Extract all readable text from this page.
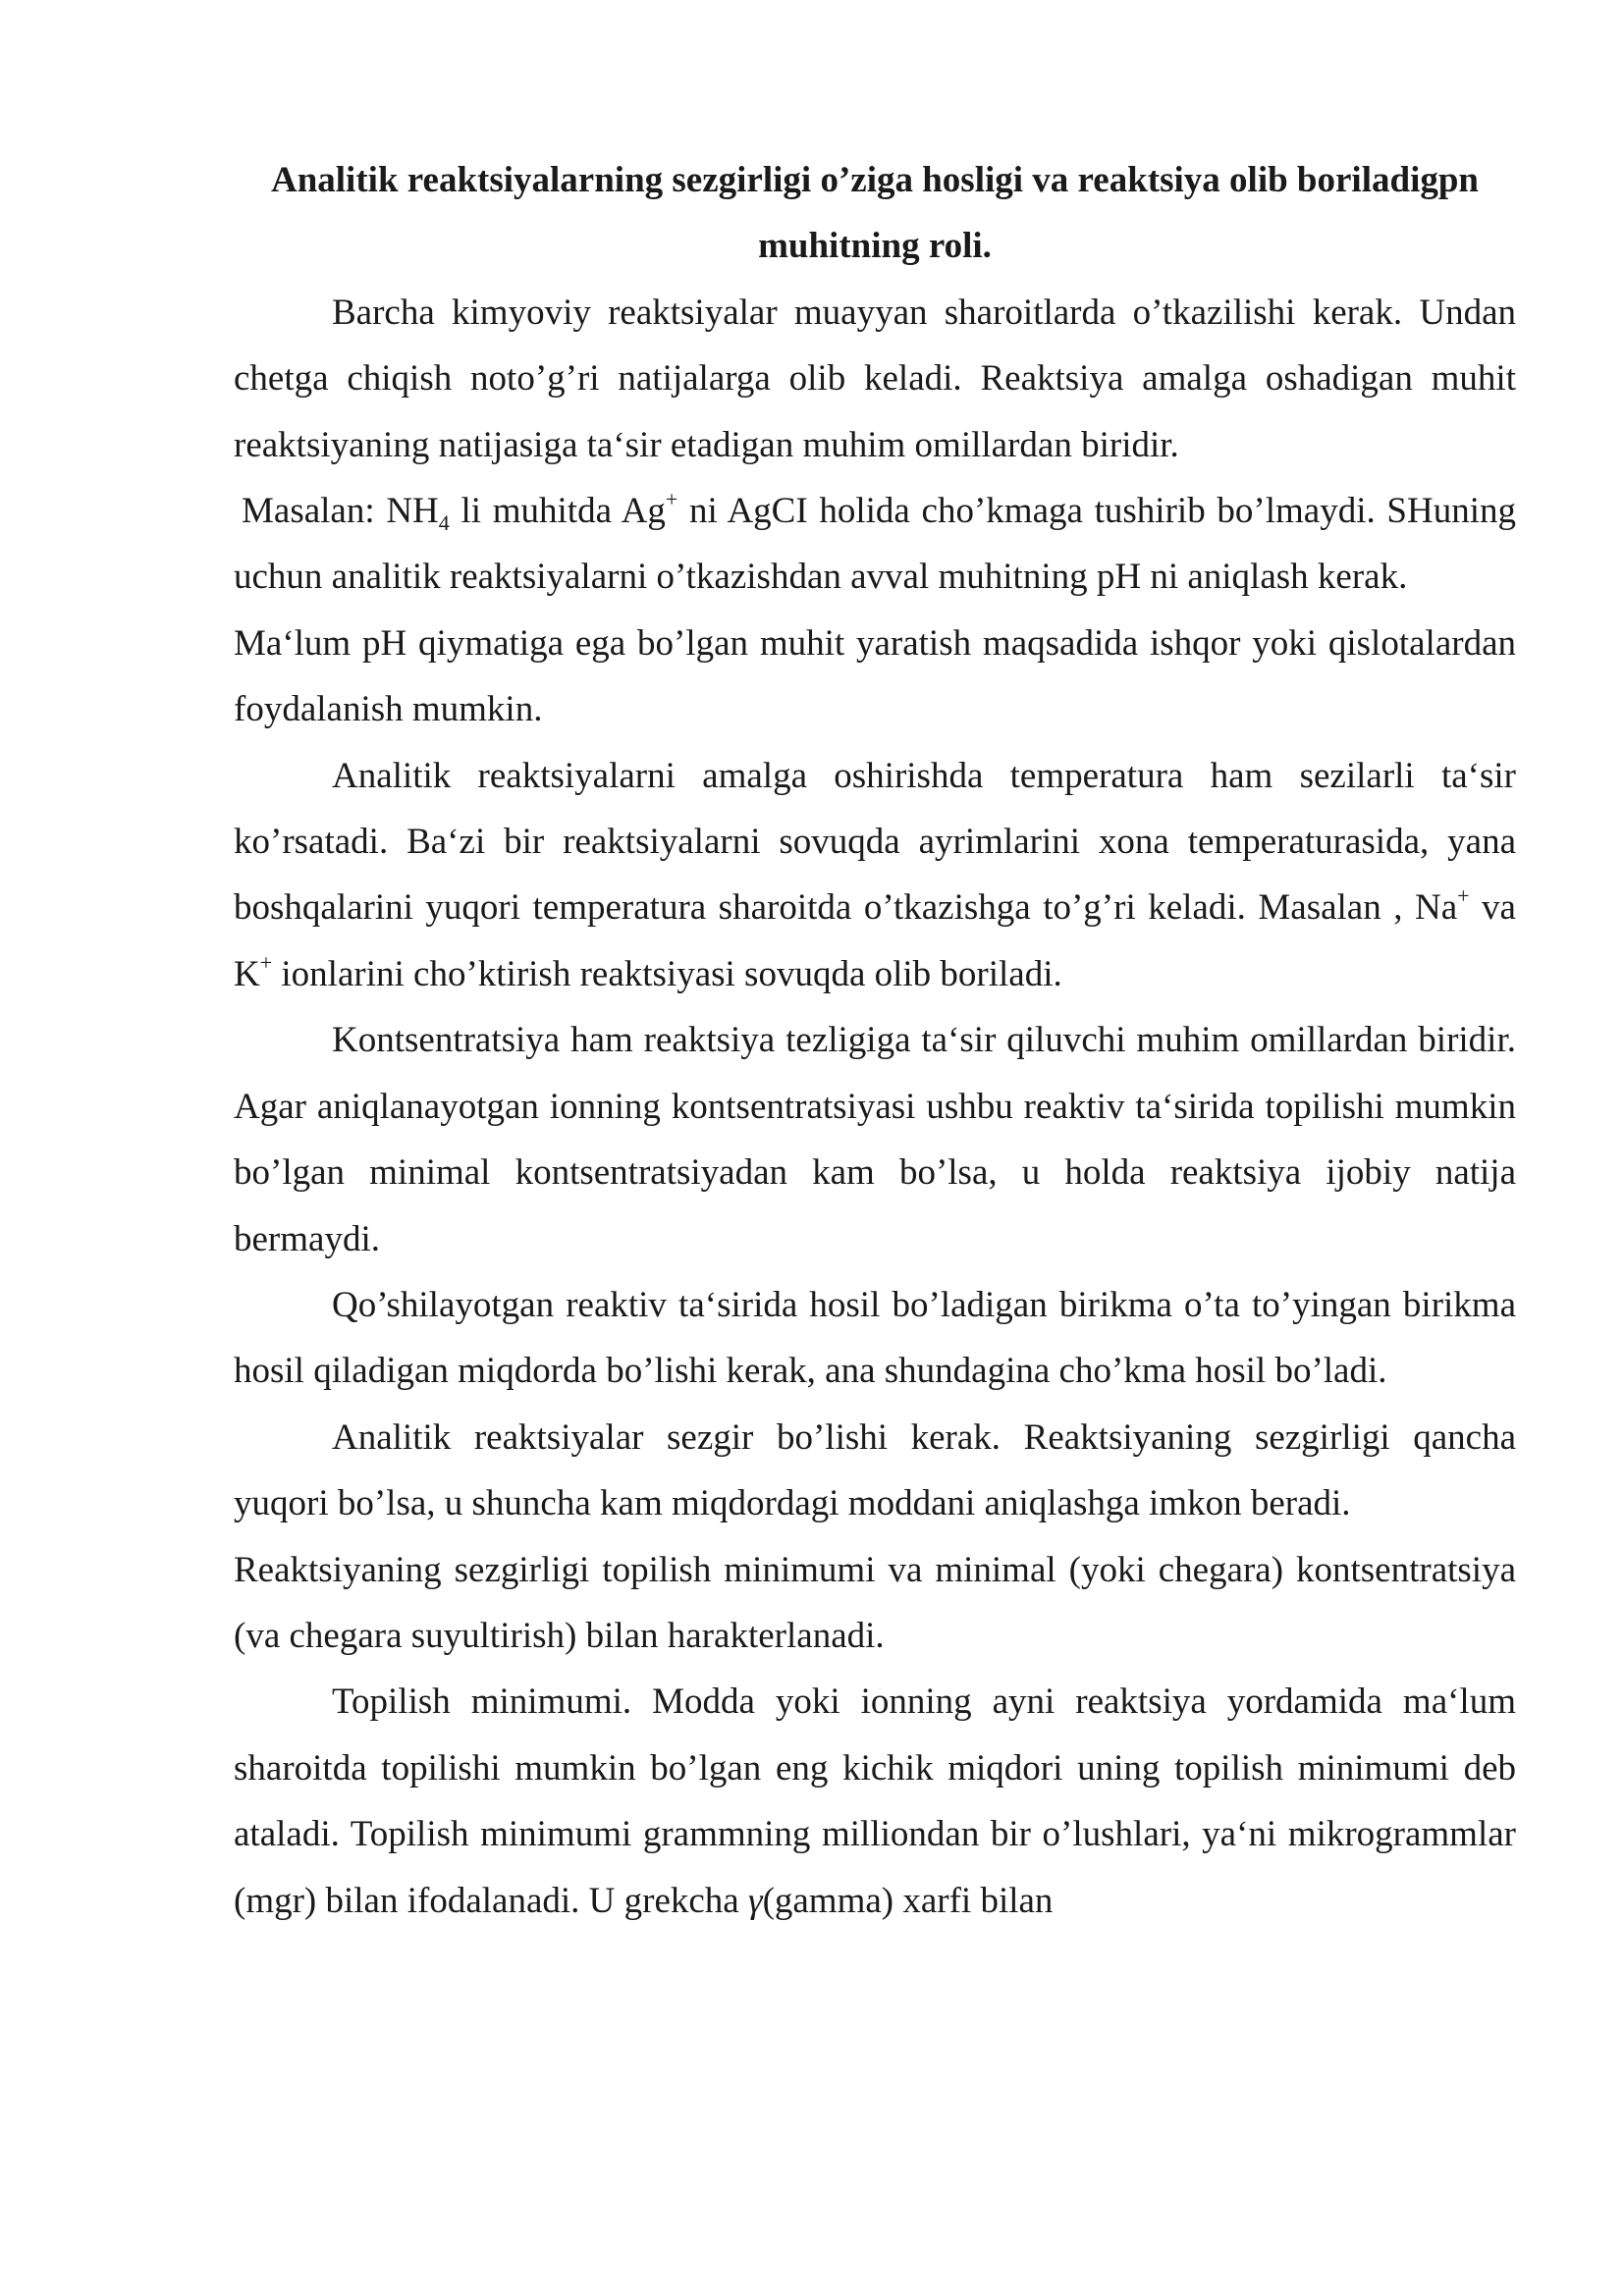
Analitik reaktsiyalarning sezgirligi o’ziga hosligi va reaktsiya olib boriladigpn muhitning roli.

Barcha kimyoviy reaktsiyalar muayyan sharoitlarda o’tkazilishi kerak. Undan chetga chiqish noto’g’ri natijalarga olib keladi. Reaktsiya amalga oshadigan muhit reaktsiyaning natijasiga ta‘sir etadigan muhim omillardan biridir.

Masalan: $NH_4$ li muhitda Ag+ ni AgCI holida cho’kmaga tushirib bo’lmaydi. SHuning uchun analitik reaktsiyalarni o’tkazishdan avval muhitning pH ni aniqlash kerak.

Ma‘lum pH qiymatiga ega bo’lgan muhit yaratish maqsadida ishqor yoki qislotalardan foydalanish mumkin.

Analitik reaktsiyalarni amalga oshirishda temperatura ham sezilarli ta‘sir ko’rsatadi. Ba‘zi bir reaktsiyalarni sovuqda ayrimlarini xona temperaturasida, yana boshqalarini yuqori temperatura sharoitda o’tkazishga to’g’ri keladi. Masalan , Na+ va K+ ionlarini cho’ktirish reaktsiyasi sovuqda olib boriladi.

Kontsentratsiya ham reaktsiya tezligiga ta‘sir qiluvchi muhim omillardan biridir. Agar aniqlanayotgan ionning kontsentratsiyasi ushbu reaktiv ta‘sirida topilishi mumkin bo’lgan minimal kontsentratsiyadan kam bo’lsa, u holda reaktsiya ijobiy natija bermaydi.

Qo’shilayotgan reaktiv ta‘sirida hosil bo’ladigan birikma o’ta to’yingan birikma hosil qiladigan miqdorda bo’lishi kerak, ana shundagina cho’kma hosil bo’ladi.

Analitik reaktsiyalar sezgir bo’lishi kerak. Reaktsiyaning sezgirligi qancha yuqori bo’lsa, u shuncha kam miqdordagi moddani aniqlashga imkon beradi.

Reaktsiyaning sezgirligi topilish minimumi va minimal (yoki chegara) kontsentratsiya (va chegara suyultirish) bilan harakterlanadi.

Topilish minimumi. Modda yoki ionning ayni reaktsiya yordamida ma‘lum sharoitda topilishi mumkin bo’lgan eng kichik miqdori uning topilish minimumi deb ataladi. Topilish minimumi grammning milliondan bir o’lushlari, ya‘ni mikrogrammlar (mgr) bilan ifodalanadi. U grekcha γ(gamma) xarfi bilan
